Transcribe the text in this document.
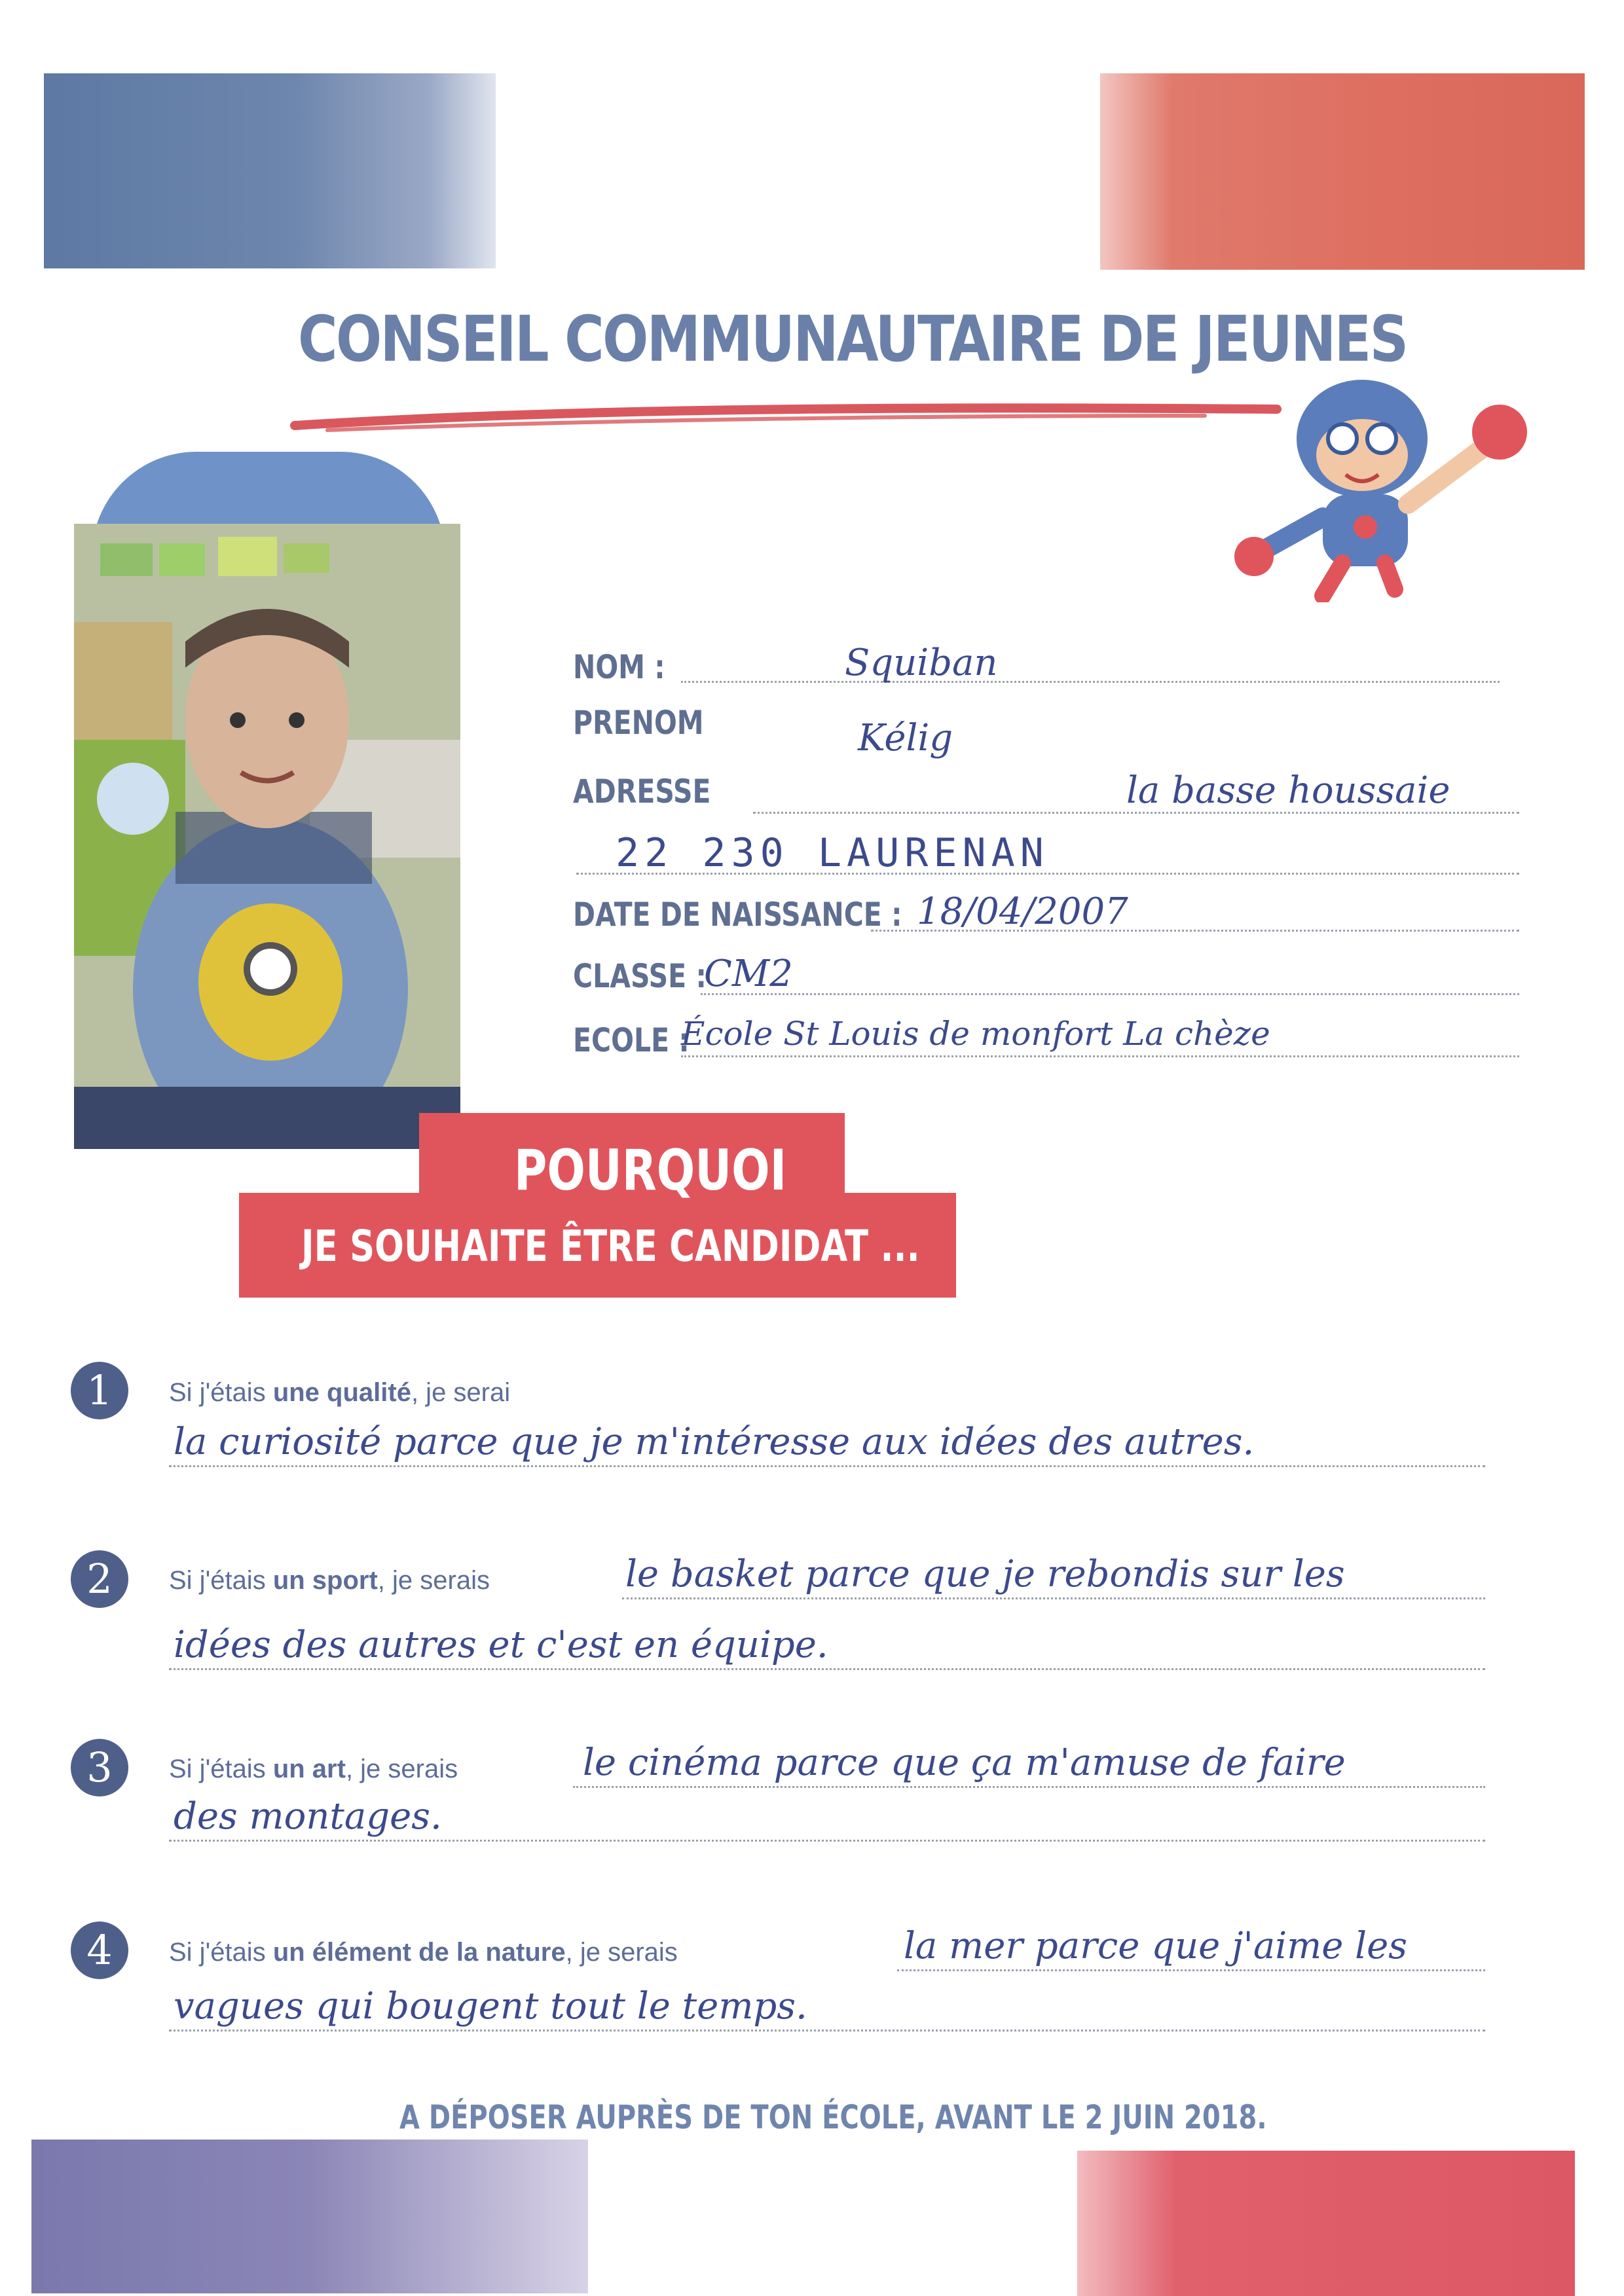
CONSEIL COMMUNAUTAIRE DE JEUNES
NOM :	Squiban
PRENOM	Kélig
ADRESSE	la basse houssaie
22 230 LAURENAN
DATE DE NAISSANCE : 18/04/2007
CLASSE :
CM2
ECOLE :
École St Louis de monfort La chèze
POURQUOI
JE SOUHAITE ÊTRE CANDIDAT ...
1	Si j'étais une qualité, je serai
la curiosité parce que je m'intéresse aux idées des autres.
2	Si j'étais un sport, je serais	le basket parce que je rebondis sur les
idées des autres et c'est en équipe.
3	Si j'étais un art, je serais	le cinéma parce que ça m'amuse de faire
des montages.
4	Si j'étais un élément de la nature, je serais	la mer parce que j'aime les
vagues qui bougent tout le temps.
A DÉPOSER AUPRÈS DE TON ÉCOLE, AVANT LE 2 JUIN 2018.
